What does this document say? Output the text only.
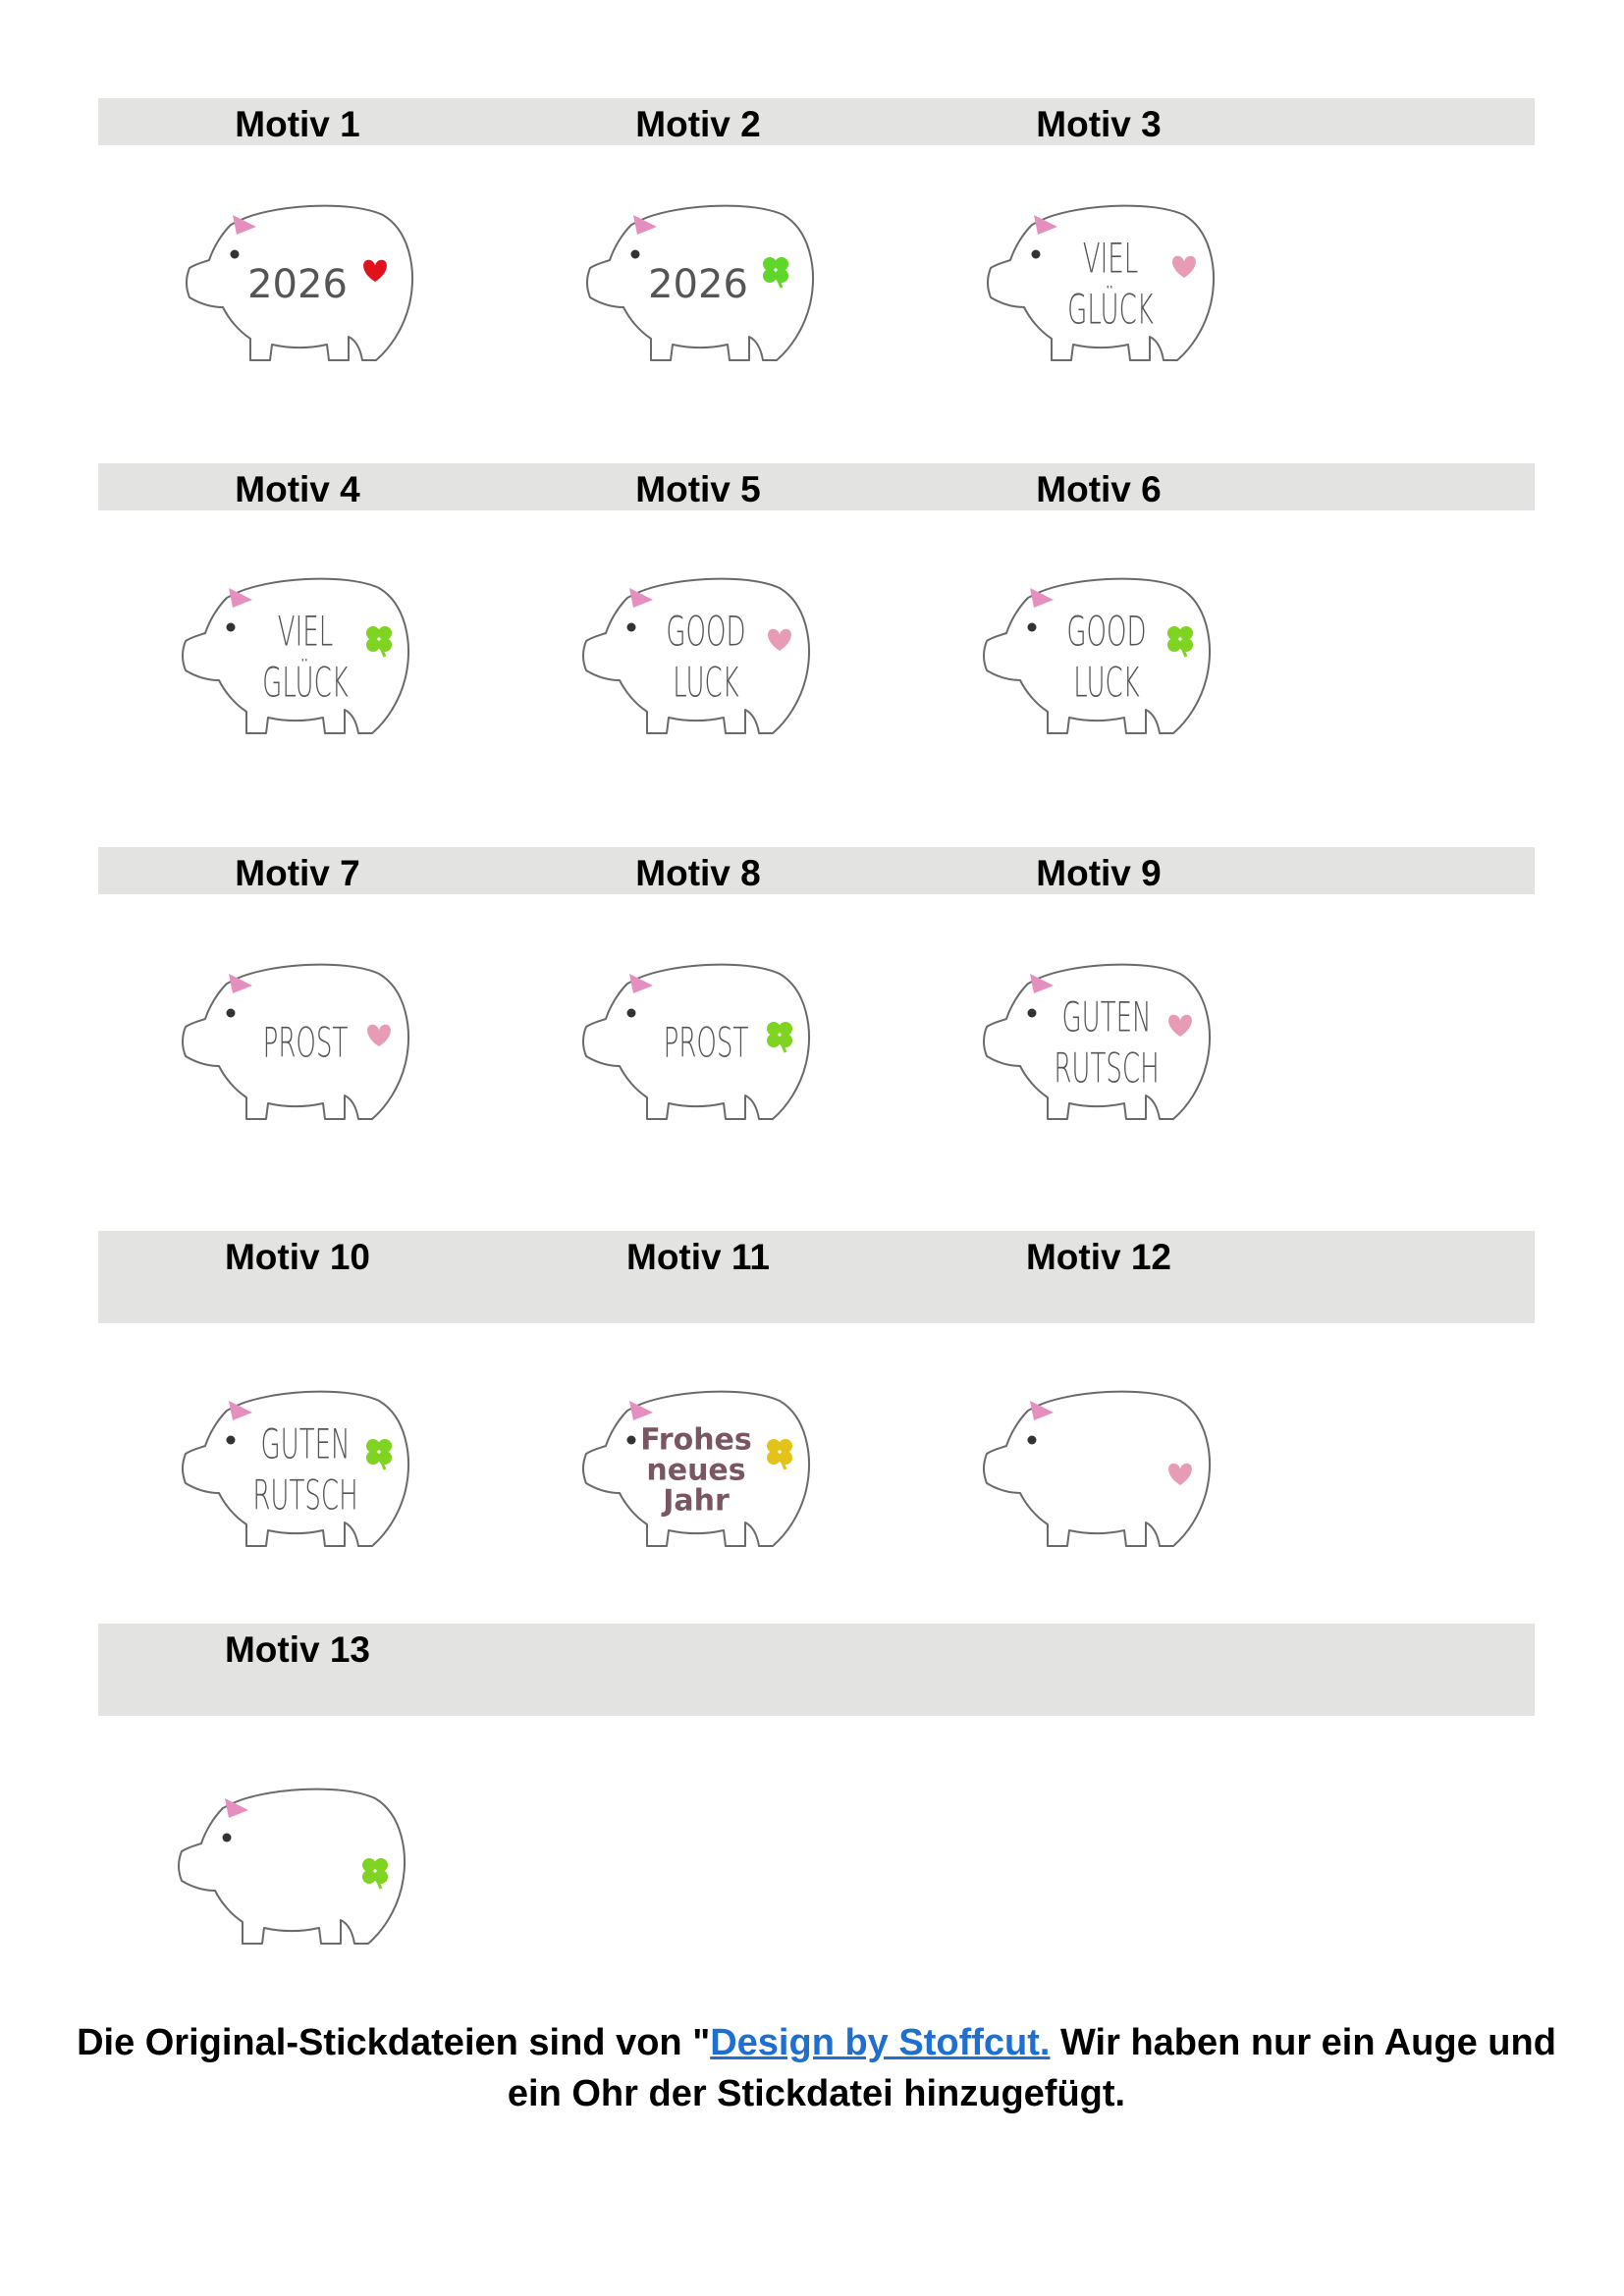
Motiv 1	Motiv 2	Motiv 3
Motiv 4	Motiv 5	Motiv 6
Motiv 7	Motiv 8	Motiv 9
Motiv 10	Motiv 11	Motiv 12
Motiv 13
2026	2026
VIEL
GLÜCK
VIEL
GLÜCK
GOOD
LUCK
GOOD
LUCK
PROST	PROST
GUTEN
RUTSCH
GUTEN
RUTSCH
Frohes
neues
Jahr
Die Original-Stickdateien sind von "Design by Stoffcut. Wir haben nur ein Auge und ein Ohr der Stickdatei hinzugefügt.
